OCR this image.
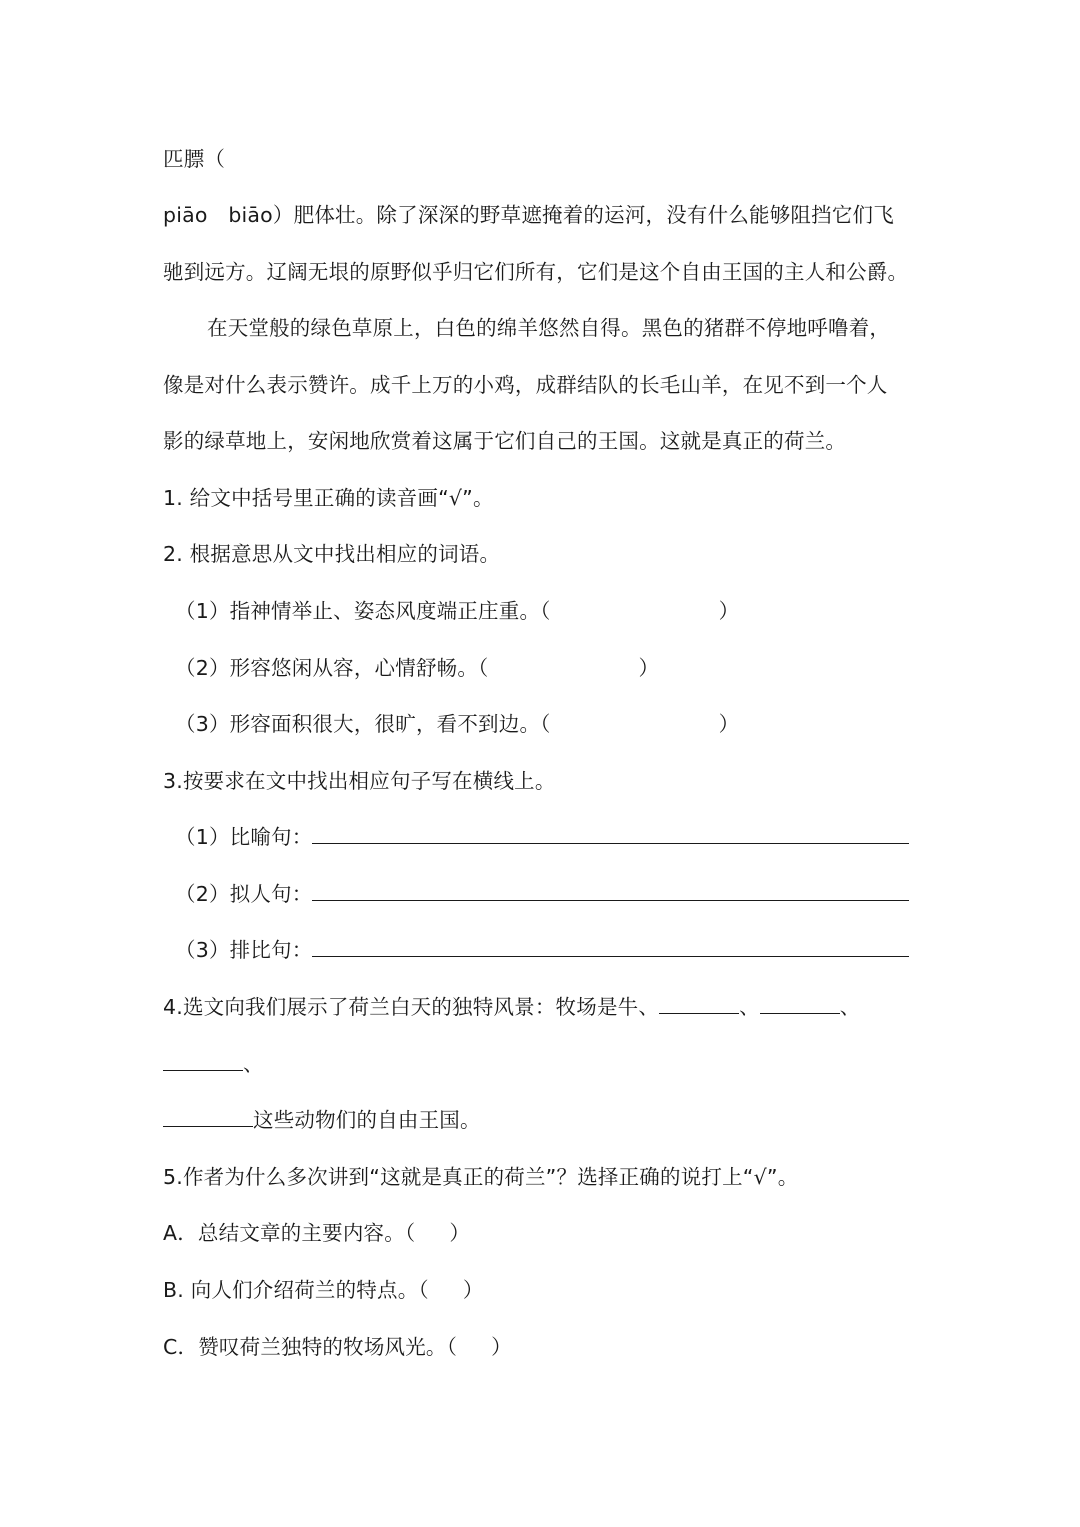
匹膘（
piāo　biāo）肥体壮。除了深深的野草遮掩着的运河，没有什么能够阻挡它们飞
驰到远方。辽阔无垠的原野似乎归它们所有，它们是这个自由王国的主人和公爵。
在天堂般的绿色草原上，白色的绵羊悠然自得。黑色的猪群不停地呼噜着，
像是对什么表示赞许。成千上万的小鸡，成群结队的长毛山羊，在见不到一个人
影的绿草地上，安闲地欣赏着这属于它们自己的王国。这就是真正的荷兰。
1. 给文中括号里正确的读音画“√”。
2. 根据意思从文中找出相应的词语。
（1）指神情举止、姿态风度端正庄重。（	）
（2）形容悠闲从容，心情舒畅。（	）
（3）形容面积很大，很旷，看不到边。（	）
3.按要求在文中找出相应句子写在横线上。
（1）比喻句：
（2）拟人句：
（3）排比句：
4.选文向我们展示了荷兰白天的独特风景：牧场是牛、	、	、
、
这些动物们的自由王国。
5.作者为什么多次讲到“这就是真正的荷兰”？选择正确的说打上“√”。
A．总结文章的主要内容。（ ）
B. 向人们介绍荷兰的特点。（ ）
C．赞叹荷兰独特的牧场风光。（ ）
